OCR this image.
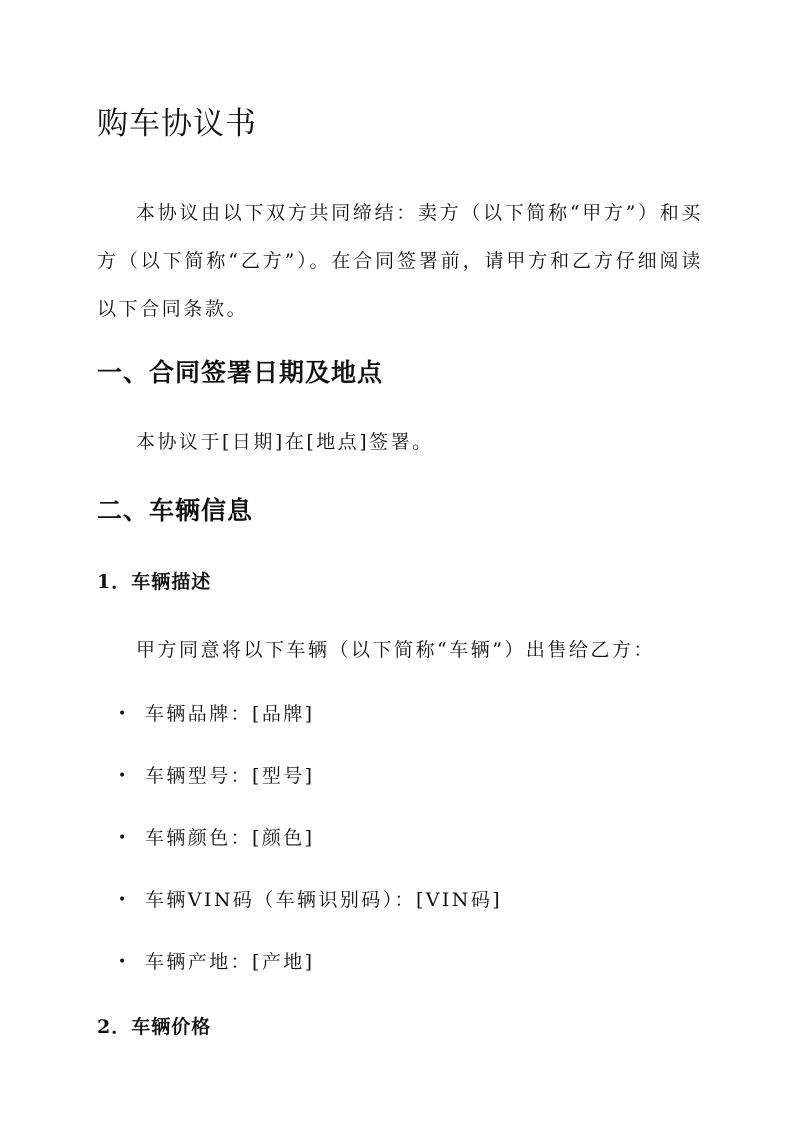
购车协议书

本协议由以下双方共同缔结：卖方（以下简称“甲方”）和买方（以下简称“乙方”）。在合同签署前，请甲方和乙方仔细阅读以下合同条款。

一、合同签署日期及地点

本协议于[日期]在[地点]签署。

二、车辆信息
1．车辆描述

甲方同意将以下车辆（以下简称“车辆”）出售给乙方：

• 车辆品牌：[品牌]
• 车辆型号：[型号]
• 车辆颜色：[颜色]
• 车辆VIN码（车辆识别码）：[VIN码]
• 车辆产地：[产地]
2．车辆价格
